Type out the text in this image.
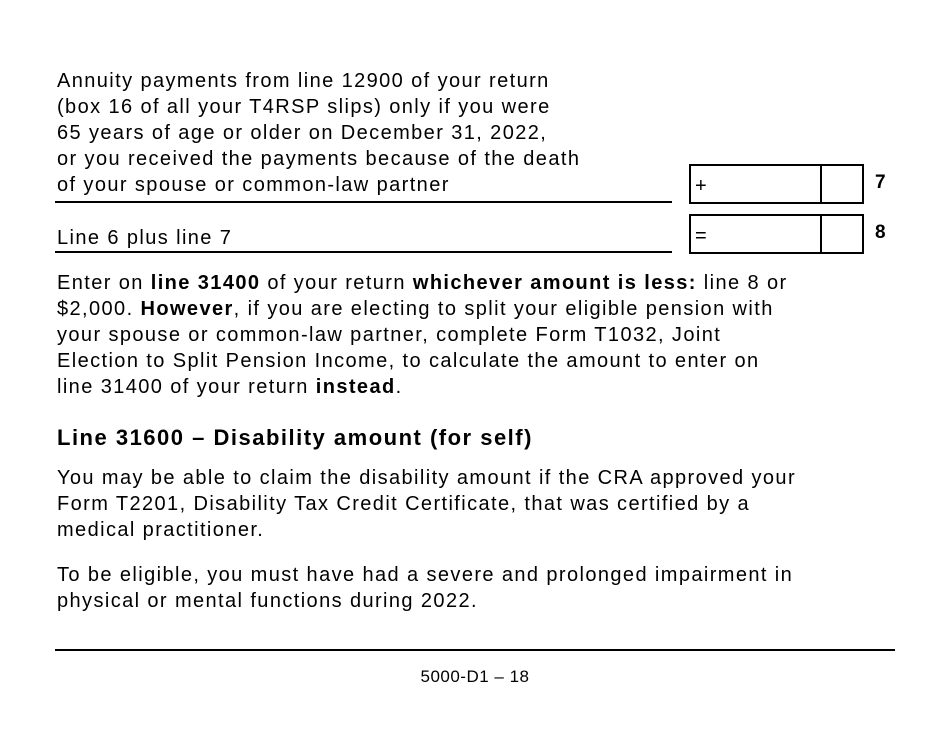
Annuity payments from line 12900 of your return
(box 16 of all your T4RSP slips) only if you were
65 years of age or older on December 31, 2022,
or you received the payments because of the death
of your spouse or common-law partner	+	7
Line 6 plus line 7	=	8
Enter on line 31400 of your return whichever amount is less: line 8 or
$2,000. However, if you are electing to split your eligible pension with
your spouse or common-law partner, complete Form T1032, Joint
Election to Split Pension Income, to calculate the amount to enter on
line 31400 of your return instead.
Line 31600 – Disability amount (for self)
You may be able to claim the disability amount if the CRA approved your
Form T2201, Disability Tax Credit Certificate, that was certified by a
medical practitioner.
To be eligible, you must have had a severe and prolonged impairment in
physical or mental functions during 2022.
5000-D1 – 18
